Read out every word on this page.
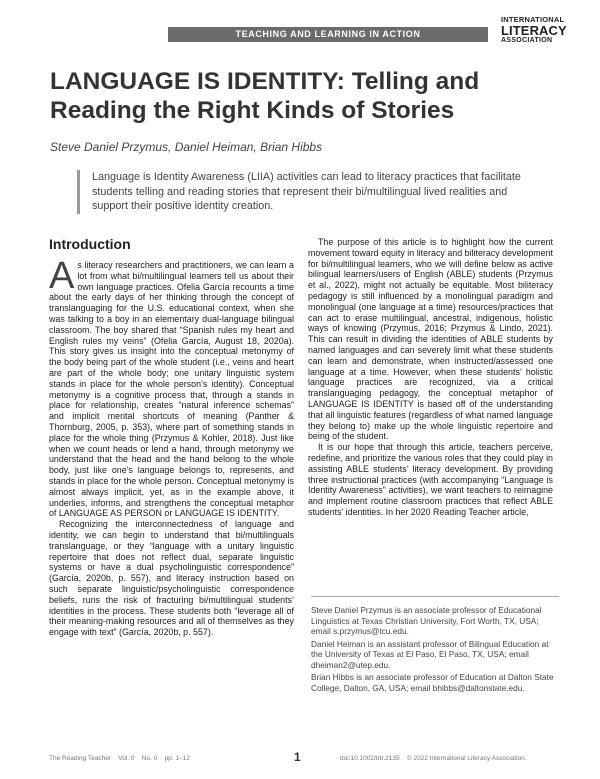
TEACHING AND LEARNING IN ACTION
INTERNATIONAL
LITERACY
ASSOCIATION
LANGUAGE IS IDENTITY: Telling and Reading the Right Kinds of Stories
Steve Daniel Przymus, Daniel Heiman, Brian Hibbs
Language is Identity Awareness (LIIA) activities can lead to literacy practices that facilitate students telling and reading stories that represent their bi/multilingual lived realities and support their positive identity creation.
Introduction

As literacy researchers and practitioners, we can learn a lot from what bi/multilingual learners tell us about their own language practices. Ofelia García recounts a time about the early days of her thinking through the concept of translanguaging for the U.S. educational context, when she was talking to a boy in an elementary dual-language bilingual classroom. The boy shared that “Spanish rules my heart and English rules my veins” (Ofelia García, August 18, 2020a). This story gives us insight into the conceptual metonymy of the body being part of the whole student (i.e., veins and heart are part of the whole body; one unitary linguistic system stands in place for the whole person’s identity). Conceptual metonymy is a cognitive process that, through a stands in place for relationship, creates “natural inference schemas” and implicit mental shortcuts of meaning (Panther & Thornburg, 2005, p. 353), where part of something stands in place for the whole thing (Przymus & Kohler, 2018). Just like when we count heads or lend a hand, through metonymy we understand that the head and the hand belong to the whole body, just like one’s language belongs to, represents, and stands in place for the whole person. Conceptual metonymy is almost always implicit, yet, as in the example above, it underlies, informs, and strengthens the conceptual metaphor of LANGUAGE AS PERSON or LANGUAGE IS IDENTITY.

Recognizing the interconnectedness of language and identity, we can begin to understand that bi/multilinguals translanguage, or they “language with a unitary linguistic repertoire that does not reflect dual, separate linguistic systems or have a dual psycholinguistic correspondence” (García, 2020b, p. 557), and literacy instruction based on such separate linguistic/psycholinguistic correspondence beliefs, runs the risk of fracturing bi/multilingual students’ identities in the process. These students both “leverage all of their meaning-making resources and all of themselves as they engage with text” (García, 2020b, p. 557).

The purpose of this article is to highlight how the current movement toward equity in literacy and biliteracy development for bi/multilingual learners, who we will define below as active bilingual learners/users of English (ABLE) students (Przymus et al., 2022), might not actually be equitable. Most biliteracy pedagogy is still influenced by a monolingual paradigm and monolingual (one language at a time) resources/practices that can act to erase multilingual, ancestral, indigenous, holistic ways of knowing (Przymus, 2016; Przymus & Lindo, 2021). This can result in dividing the identities of ABLE students by named languages and can severely limit what these students can learn and demonstrate, when instructed/assessed one language at a time. However, when these students’ holistic language practices are recognized, via a critical translanguaging pedagogy, the conceptual metaphor of LANGUAGE IS IDENTITY is based off of the understanding that all linguistic features (regardless of what named language they belong to) make up the whole linguistic repertoire and being of the student.

It is our hope that through this article, teachers perceive, redefine, and prioritize the various roles that they could play in assisting ABLE students’ literacy development. By providing three instructional practices (with accompanying “Language is Identity Awareness” activities), we want teachers to reimagine and implement routine classroom practices that reflect ABLE students’ identities. In her 2020 Reading Teacher article,

Steve Daniel Przymus is an associate professor of Educational Linguistics at Texas Christian University, Fort Worth, TX, USA; email s.przymus@tcu.edu.

Daniel Heiman is an assistant professor of Bilingual Education at the University of Texas at El Paso, El Paso, TX, USA; email dheiman2@utep.edu.

Brian Hibbs is an associate professor of Education at Dalton State College, Dalton, GA, USA; email bhibbs@daltonstate.edu.

The Reading Teacher Vol. 0 No. 0 pp. 1–12	1	doi:10.1002/trtr.2135 © 2022 International Literacy Association.
